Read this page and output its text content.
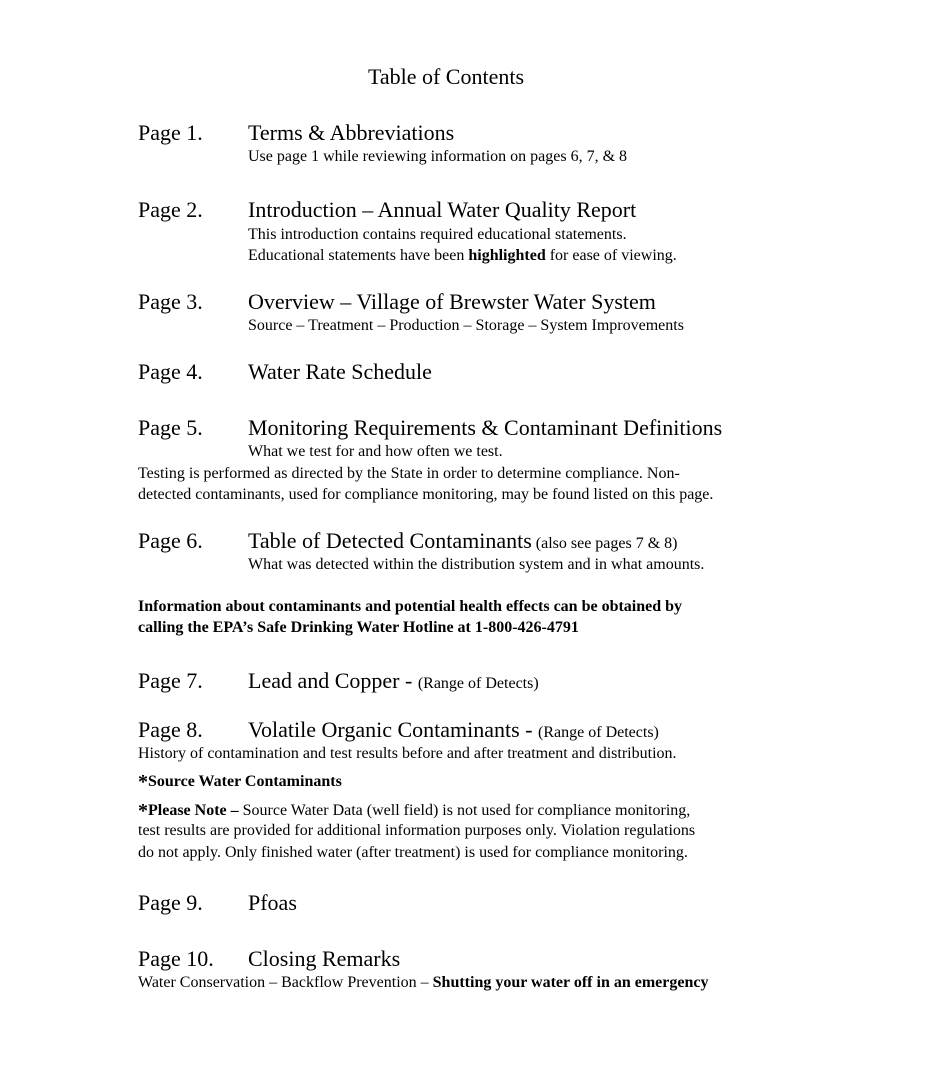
Table of Contents
Page 1. Terms & Abbreviations
Use page 1 while reviewing information on pages 6, 7, & 8
Page 2. Introduction – Annual Water Quality Report
This introduction contains required educational statements.
Educational statements have been highlighted for ease of viewing.
Page 3. Overview – Village of Brewster Water System
Source – Treatment – Production – Storage – System Improvements
Page 4. Water Rate Schedule
Page 5. Monitoring Requirements & Contaminant Definitions
What we test for and how often we test.
Testing is performed as directed by the State in order to determine compliance. Non-
detected contaminants, used for compliance monitoring, may be found listed on this page.
Page 6. Table of Detected Contaminants (also see pages 7 & 8)
What was detected within the distribution system and in what amounts.
Information about contaminants and potential health effects can be obtained by
calling the EPA’s Safe Drinking Water Hotline at 1-800-426-4791
Page 7. Lead and Copper - (Range of Detects)
Page 8. Volatile Organic Contaminants - (Range of Detects)
History of contamination and test results before and after treatment and distribution.
*Source Water Contaminants
*Please Note – Source Water Data (well field) is not used for compliance monitoring,
test results are provided for additional information purposes only. Violation regulations
do not apply. Only finished water (after treatment) is used for compliance monitoring.
Page 9. Pfoas
Page 10. Closing Remarks
Water Conservation – Backflow Prevention – Shutting your water off in an emergency
